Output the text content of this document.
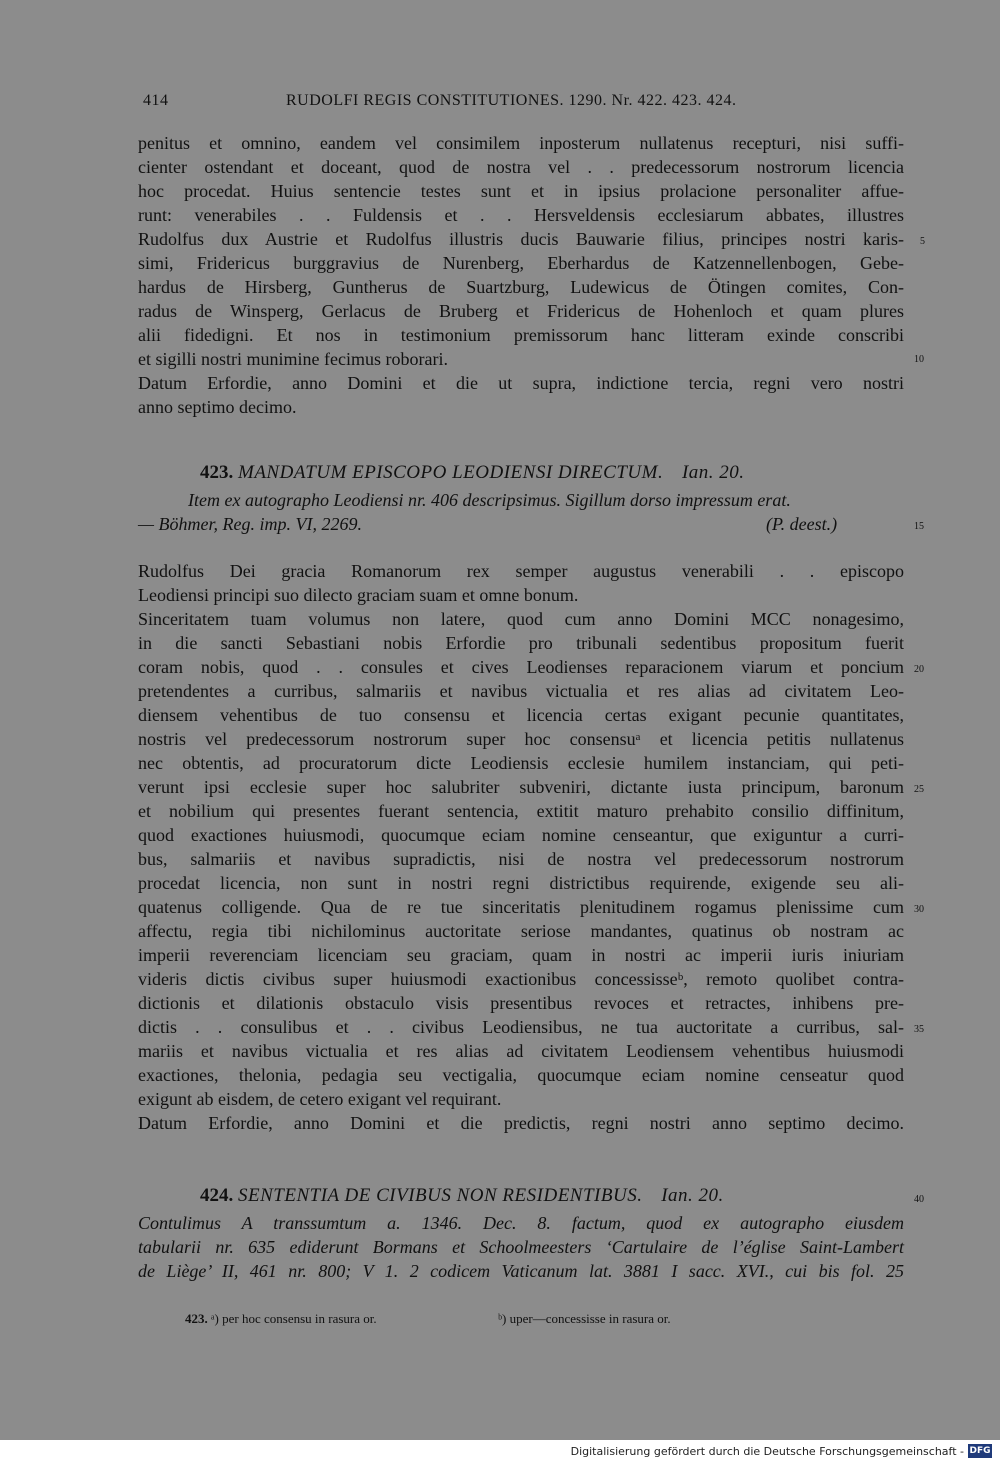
414	RUDOLFI REGIS CONSTITUTIONES. 1290. Nr. 422. 423. 424.
penitus et omnino, eandem vel consimilem inposterum nullatenus recepturi, nisi suffi-
cienter ostendant et doceant, quod de nostra vel . . predecessorum nostrorum licencia
hoc procedat. Huius sentencie testes sunt et in ipsius prolacione personaliter affue-
runt: venerabiles . . Fuldensis et . . Hersveldensis ecclesiarum abbates, illustres
Rudolfus dux Austrie et Rudolfus illustris ducis Bauwarie filius, principes nostri karis-
simi, Fridericus burggravius de Nurenberg, Eberhardus de Katzennellenbogen, Gebe-
hardus de Hirsberg, Guntherus de Suartzburg, Ludewicus de Ötingen comites, Con-
radus de Winsperg, Gerlacus de Bruberg et Fridericus de Hohenloch et quam plures
alii fidedigni. Et nos in testimonium premissorum hanc litteram exinde conscribi
et sigilli nostri munimine fecimus roborari.
Datum Erfordie, anno Domini et die ut supra, indictione tercia, regni vero nostri
anno septimo decimo.
423. MANDATUM EPISCOPO LEODIENSI DIRECTUM. Ian. 20.
Item ex autographo Leodiensi nr. 406 descripsimus. Sigillum dorso impressum erat.
— Böhmer, Reg. imp. VI, 2269.	(P. deest.)
Rudolfus Dei gracia Romanorum rex semper augustus venerabili . . episcopo
Leodiensi principi suo dilecto graciam suam et omne bonum.
Sinceritatem tuam volumus non latere, quod cum anno Domini MCC nonagesimo,
in die sancti Sebastiani nobis Erfordie pro tribunali sedentibus propositum fuerit
coram nobis, quod . . consules et cives Leodienses reparacionem viarum et poncium
pretendentes a curribus, salmariis et navibus victualia et res alias ad civitatem Leo-
diensem vehentibus de tuo consensu et licencia certas exigant pecunie quantitates,
nostris vel predecessorum nostrorum super hoc consensuᵃ et licencia petitis nullatenus
nec obtentis, ad procuratorum dicte Leodiensis ecclesie humilem instanciam, qui peti-
verunt ipsi ecclesie super hoc salubriter subveniri, dictante iusta principum, baronum
et nobilium qui presentes fuerant sentencia, extitit maturo prehabito consilio diffinitum,
quod exactiones huiusmodi, quocumque eciam nomine censeantur, que exiguntur a curri-
bus, salmariis et navibus supradictis, nisi de nostra vel predecessorum nostrorum
procedat licencia, non sunt in nostri regni districtibus requirende, exigende seu ali-
quatenus colligende. Qua de re tue sinceritatis plenitudinem rogamus plenissime cum
affectu, regia tibi nichilominus auctoritate seriose mandantes, quatinus ob nostram ac
imperii reverenciam licenciam seu graciam, quam in nostri ac imperii iuris iniuriam
videris dictis civibus super huiusmodi exactionibus concessisseᵇ, remoto quolibet contra-
dictionis et dilationis obstaculo visis presentibus revoces et retractes, inhibens pre-
dictis . . consulibus et . . civibus Leodiensibus, ne tua auctoritate a curribus, sal-
mariis et navibus victualia et res alias ad civitatem Leodiensem vehentibus huiusmodi
exactiones, thelonia, pedagia seu vectigalia, quocumque eciam nomine censeatur quod
exigunt ab eisdem, de cetero exigant vel requirant.
Datum Erfordie, anno Domini et die predictis, regni nostri anno septimo decimo.
424. SENTENTIA DE CIVIBUS NON RESIDENTIBUS. Ian. 20.
Contulimus A transsumtum a. 1346. Dec. 8. factum, quod ex autographo eiusdem
tabularii nr. 635 ediderunt Bormans et Schoolmeesters ‘Cartulaire de l’église Saint-Lambert
de Liège’ II, 461 nr. 800; V 1. 2 codicem Vaticanum lat. 3881 I sacc. XVI., cui bis fol. 25
423. ᵃ) per hoc consensu in rasura or.	ᵇ) uper—concessisse in rasura or.
5
10
15
20
25
30
35
40
Digitalisierung gefördert durch die Deutsche Forschungsgemeinschaft - DFG
